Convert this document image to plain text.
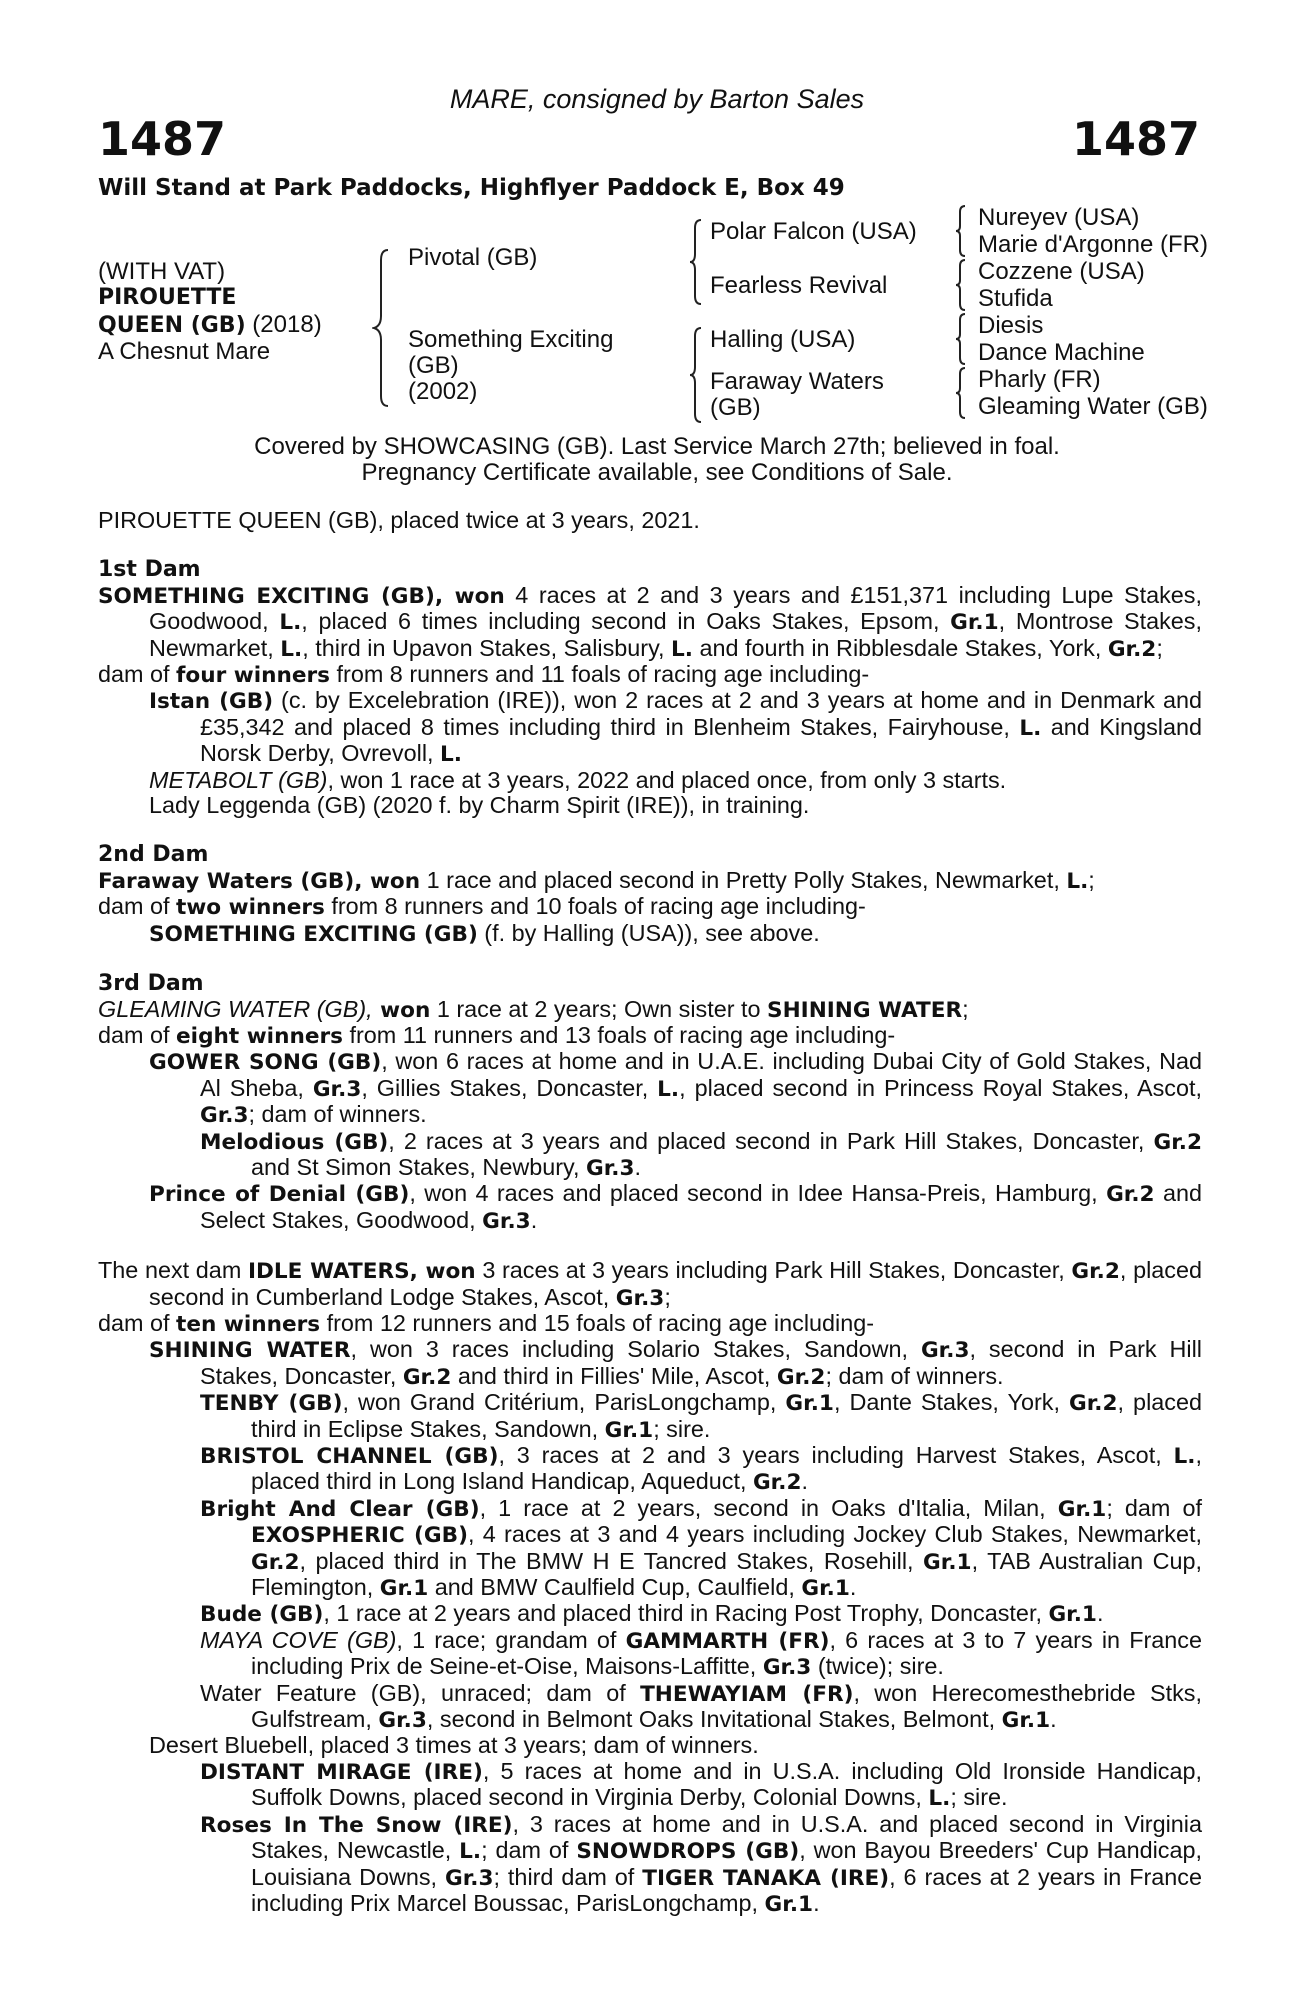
MARE, consigned by Barton Sales
1487	1487
Will Stand at Park Paddocks, Highflyer Paddock E, Box 49
(WITH VAT)
PIROUETTE
QUEEN (GB) (2018)
A Chesnut Mare
Pivotal (GB)
Something Exciting
(GB)
(2002)
Polar Falcon (USA)
Fearless Revival
Halling (USA)
Faraway Waters
(GB)
Nureyev (USA)
Marie d'Argonne (FR)
Cozzene (USA)
Stufida
Diesis
Dance Machine
Pharly (FR)
Gleaming Water (GB)
Covered by SHOWCASING (GB). Last Service March 27th; believed in foal.
Pregnancy Certificate available, see Conditions of Sale.

PIROUETTE QUEEN (GB), placed twice at 3 years, 2021.

1st Dam

SOMETHING EXCITING (GB), won 4 races at 2 and 3 years and £151,371 including Lupe Stakes, Goodwood, L., placed 6 times including second in Oaks Stakes, Epsom, Gr.1, Montrose Stakes, Newmarket, L., third in Upavon Stakes, Salisbury, L. and fourth in Ribblesdale Stakes, York, Gr.2;

dam of four winners from 8 runners and 11 foals of racing age including-

Istan (GB) (c. by Excelebration (IRE)), won 2 races at 2 and 3 years at home and in Denmark and £35,342 and placed 8 times including third in Blenheim Stakes, Fairyhouse, L. and Kingsland Norsk Derby, Ovrevoll, L.

METABOLT (GB), won 1 race at 3 years, 2022 and placed once, from only 3 starts.

Lady Leggenda (GB) (2020 f. by Charm Spirit (IRE)), in training.

2nd Dam

Faraway Waters (GB), won 1 race and placed second in Pretty Polly Stakes, Newmarket, L.;

dam of two winners from 8 runners and 10 foals of racing age including-

SOMETHING EXCITING (GB) (f. by Halling (USA)), see above.

3rd Dam

GLEAMING WATER (GB), won 1 race at 2 years; Own sister to SHINING WATER;

dam of eight winners from 11 runners and 13 foals of racing age including-

GOWER SONG (GB), won 6 races at home and in U.A.E. including Dubai City of Gold Stakes, Nad Al Sheba, Gr.3, Gillies Stakes, Doncaster, L., placed second in Princess Royal Stakes, Ascot, Gr.3; dam of winners.

Melodious (GB), 2 races at 3 years and placed second in Park Hill Stakes, Doncaster, Gr.2 and St Simon Stakes, Newbury, Gr.3.

Prince of Denial (GB), won 4 races and placed second in Idee Hansa-Preis, Hamburg, Gr.2 and Select Stakes, Goodwood, Gr.3.

The next dam IDLE WATERS, won 3 races at 3 years including Park Hill Stakes, Doncaster, Gr.2, placed second in Cumberland Lodge Stakes, Ascot, Gr.3;

dam of ten winners from 12 runners and 15 foals of racing age including-

SHINING WATER, won 3 races including Solario Stakes, Sandown, Gr.3, second in Park Hill Stakes, Doncaster, Gr.2 and third in Fillies' Mile, Ascot, Gr.2; dam of winners.

TENBY (GB), won Grand Critérium, ParisLongchamp, Gr.1, Dante Stakes, York, Gr.2, placed third in Eclipse Stakes, Sandown, Gr.1; sire.

BRISTOL CHANNEL (GB), 3 races at 2 and 3 years including Harvest Stakes, Ascot, L., placed third in Long Island Handicap, Aqueduct, Gr.2.

Bright And Clear (GB), 1 race at 2 years, second in Oaks d'Italia, Milan, Gr.1; dam of EXOSPHERIC (GB), 4 races at 3 and 4 years including Jockey Club Stakes, Newmarket, Gr.2, placed third in The BMW H E Tancred Stakes, Rosehill, Gr.1, TAB Australian Cup, Flemington, Gr.1 and BMW Caulfield Cup, Caulfield, Gr.1.

Bude (GB), 1 race at 2 years and placed third in Racing Post Trophy, Doncaster, Gr.1.

MAYA COVE (GB), 1 race; grandam of GAMMARTH (FR), 6 races at 3 to 7 years in France including Prix de Seine-et-Oise, Maisons-Laffitte, Gr.3 (twice); sire.

Water Feature (GB), unraced; dam of THEWAYIAM (FR), won Herecomesthebride Stks, Gulfstream, Gr.3, second in Belmont Oaks Invitational Stakes, Belmont, Gr.1.

Desert Bluebell, placed 3 times at 3 years; dam of winners.

DISTANT MIRAGE (IRE), 5 races at home and in U.S.A. including Old Ironside Handicap, Suffolk Downs, placed second in Virginia Derby, Colonial Downs, L.; sire.

Roses In The Snow (IRE), 3 races at home and in U.S.A. and placed second in Virginia Stakes, Newcastle, L.; dam of SNOWDROPS (GB), won Bayou Breeders' Cup Handicap, Louisiana Downs, Gr.3; third dam of TIGER TANAKA (IRE), 6 races at 2 years in France including Prix Marcel Boussac, ParisLongchamp, Gr.1.
